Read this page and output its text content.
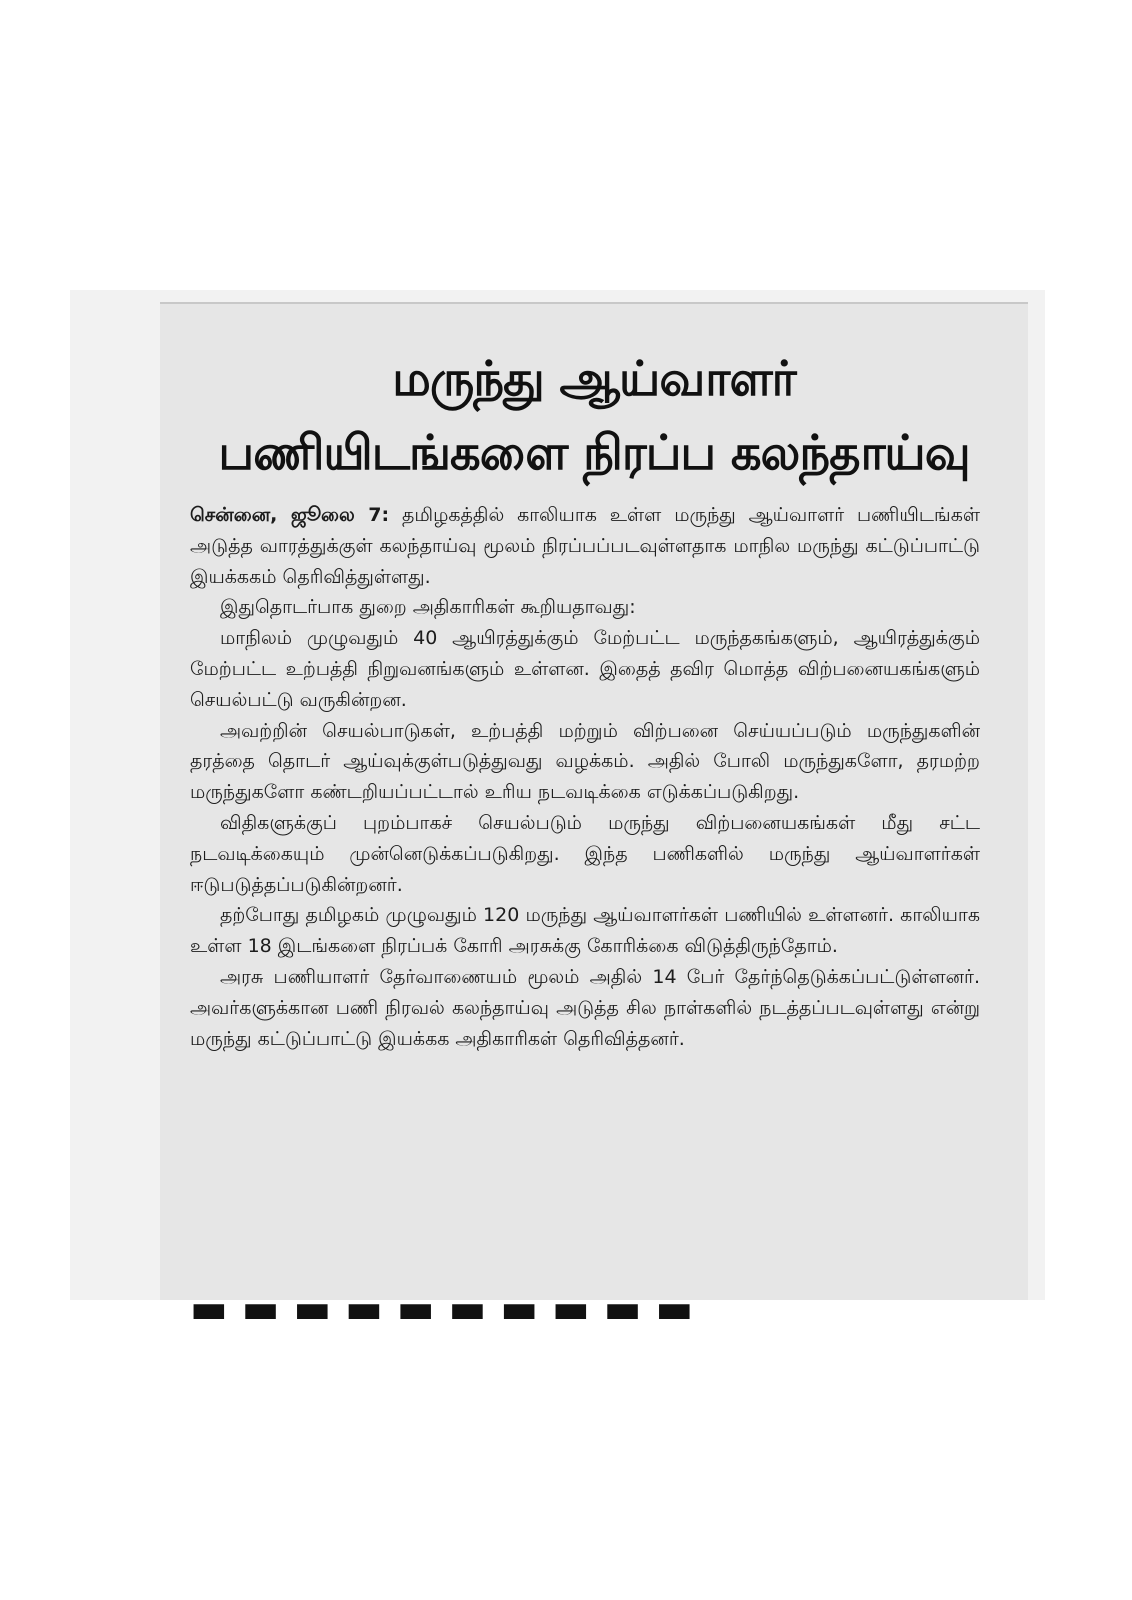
மருந்து ஆய்வாளர்
பணியிடங்களை நிரப்ப கலந்தாய்வு

சென்னை, ஜூலை 7: தமிழகத்தில் காலியாக உள்ள மருந்து ஆய்வாளர் பணியிடங்கள் அடுத்த வாரத்துக்குள் கலந்தாய்வு மூலம் நிரப்பப்படவுள்ளதாக மாநில மருந்து கட்டுப்பாட்டு இயக்ககம் தெரிவித்துள்ளது.

இதுதொடர்பாக துறை அதிகாரிகள் கூறியதாவது:

மாநிலம் முழுவதும் 40 ஆயிரத்துக்கும் மேற்பட்ட மருந்தகங்களும், ஆயிரத்துக்கும் மேற்பட்ட உற்பத்தி நிறுவனங்களும் உள்ளன. இதைத் தவிர மொத்த விற்பனையகங்களும் செயல்பட்டு வருகின்றன.

அவற்றின் செயல்பாடுகள், உற்பத்தி மற்றும் விற்பனை செய்யப்படும் மருந்துகளின் தரத்தை தொடர் ஆய்வுக்குள்படுத்துவது வழக்கம். அதில் போலி மருந்துகளோ, தரமற்ற மருந்துகளோ கண்டறியப்பட்டால் உரிய நடவடிக்கை எடுக்கப்படுகிறது.

விதிகளுக்குப் புறம்பாகச் செயல்படும் மருந்து விற்பனையகங்கள் மீது சட்ட நடவடிக்கையும் முன்னெடுக்கப்படுகிறது. இந்த பணிகளில் மருந்து ஆய்வாளர்கள் ஈடுபடுத்தப்படுகின்றனர்.

தற்போது தமிழகம் முழுவதும் 120 மருந்து ஆய்வாளர்கள் பணியில் உள்ளனர். காலியாக உள்ள 18 இடங்களை நிரப்பக் கோரி அரசுக்கு கோரிக்கை விடுத்திருந்தோம்.

அரசு பணியாளர் தேர்வாணையம் மூலம் அதில் 14 பேர் தேர்ந்தெடுக்கப்பட்டுள்ளனர். அவர்களுக்கான பணி நிரவல் கலந்தாய்வு அடுத்த சில நாள்களில் நடத்தப்படவுள்ளது என்று மருந்து கட்டுப்பாட்டு இயக்கக அதிகாரிகள் தெரிவித்தனர்.

▬ ▬ ▬ ▬ ▬ ▬ ▬ ▬ ▬ ▬
